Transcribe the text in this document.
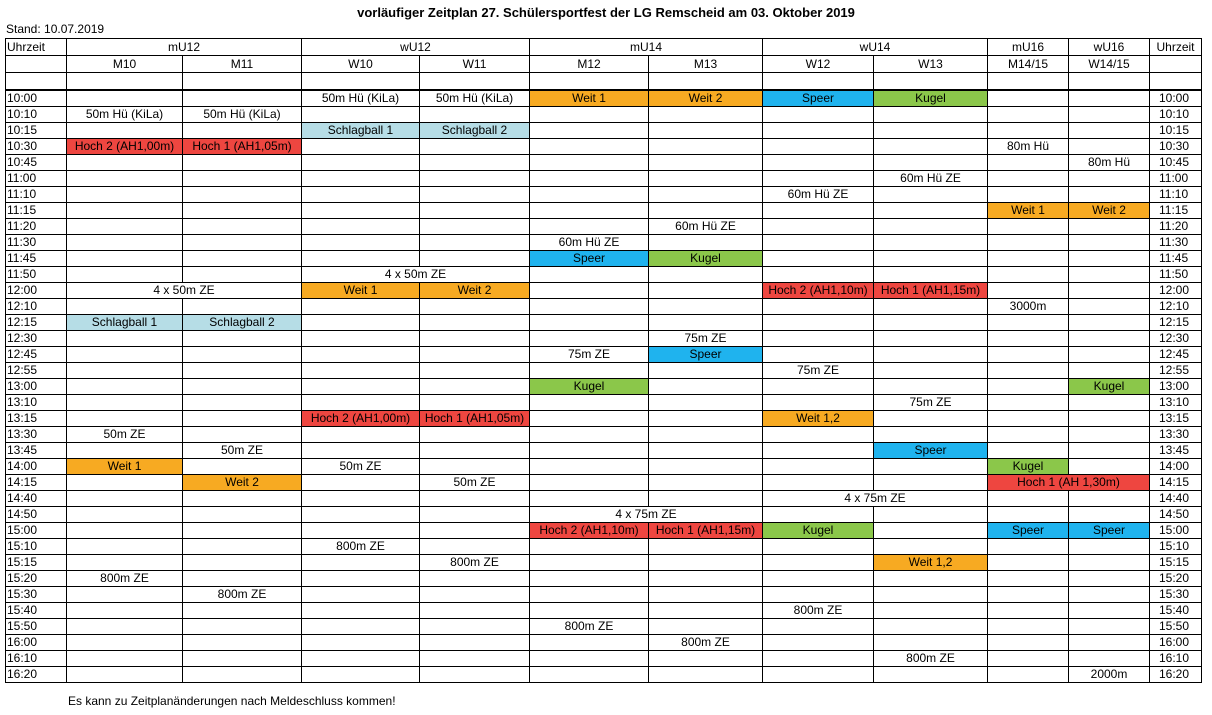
vorläufiger Zeitplan 27. Schülersportfest der LG Remscheid am 03. Oktober 2019
Stand: 10.07.2019
Uhrzeit	mU12		wU12		mU14		wU14		mU16	wU16	Uhrzeit
	M10	M11	W10	W11	M12	M13	W12	W13	M14/15	W14/15	

10:00			50m Hü (KiLa)	50m Hü (KiLa)	Weit 1	Weit 2	Speer	Kugel			10:00
10:10	50m Hü (KiLa)	50m Hü (KiLa)									10:10
10:15			Schlagball 1	Schlagball 2							10:15
10:30	Hoch 2 (AH1,00m)	Hoch 1 (AH1,05m)							80m Hü		10:30
10:45										80m Hü	10:45
11:00								60m Hü ZE			11:00
11:10							60m Hü ZE				11:10
11:15									Weit 1	Weit 2	11:15
11:20						60m Hü ZE					11:20
11:30					60m Hü ZE						11:30
11:45					Speer	Kugel					11:45
11:50			4 x 50m ZE								11:50
12:00	4 x 50m ZE		Weit 1	Weit 2			Hoch 2 (AH1,10m)	Hoch 1 (AH1,15m)			12:00
12:10									3000m		12:10
12:15	Schlagball 1	Schlagball 2									12:15
12:30						75m ZE					12:30
12:45					75m ZE	Speer					12:45
12:55							75m ZE				12:55
13:00					Kugel					Kugel	13:00
13:10								75m ZE			13:10
13:15			Hoch 2 (AH1,00m)	Hoch 1 (AH1,05m)			Weit 1,2				13:15
13:30	50m ZE										13:30
13:45		50m ZE						Speer			13:45
14:00	Weit 1		50m ZE						Kugel		14:00
14:15		Weit 2		50m ZE					Hoch 1 (AH 1,30m)		14:15
14:40							4 x 75m ZE				14:40
14:50					4 x 75m ZE						14:50
15:00					Hoch 2 (AH1,10m)	Hoch 1 (AH1,15m)	Kugel		Speer	Speer	15:00
15:10			800m ZE								15:10
15:15				800m ZE				Weit 1,2			15:15
15:20	800m ZE										15:20
15:30		800m ZE									15:30
15:40							800m ZE				15:40
15:50					800m ZE						15:50
16:00						800m ZE					16:00
16:10								800m ZE			16:10
16:20										2000m	16:20
Es kann zu Zeitplanänderungen nach Meldeschluss kommen!
